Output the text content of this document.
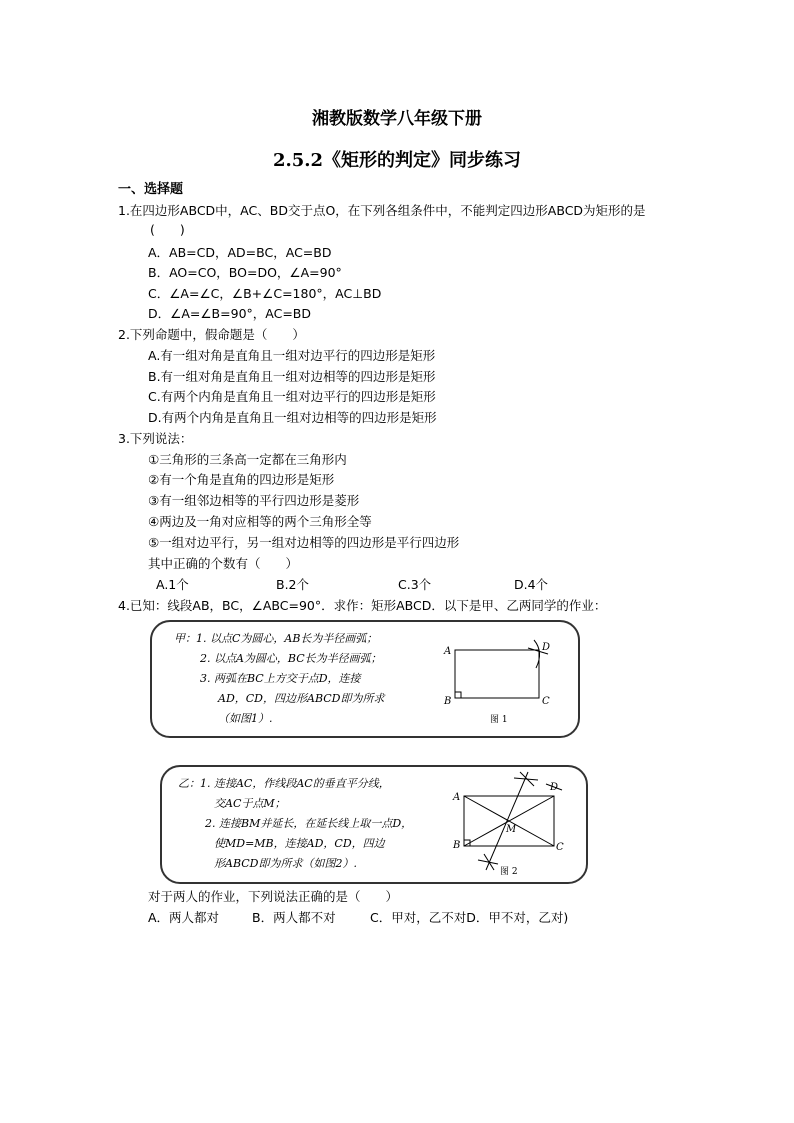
湘教版数学八年级下册
2.5.2《矩形的判定》同步练习
一、选择题
1.在四边形ABCD中，AC、BD交于点O，在下列各组条件中，不能判定四边形ABCD为矩形的是
(　　)
A．AB=CD，AD=BC，AC=BD
B．AO=CO，BO=DO，∠A=90°
C．∠A=∠C，∠B+∠C=180°，AC⊥BD
D．∠A=∠B=90°，AC=BD
2.下列命题中，假命题是（　　）
A.有一组对角是直角且一组对边平行的四边形是矩形
B.有一组对角是直角且一组对边相等的四边形是矩形
C.有两个内角是直角且一组对边平行的四边形是矩形
D.有两个内角是直角且一组对边相等的四边形是矩形
3.下列说法：
①三角形的三条高一定都在三角形内
②有一个角是直角的四边形是矩形
③有一组邻边相等的平行四边形是菱形
④两边及一角对应相等的两个三角形全等
⑤一组对边平行，另一组对边相等的四边形是平行四边形
其中正确的个数有（　　）
A.1个	B.2个	C.3个	D.4个
4.已知：线段AB，BC，∠ABC=90°．求作：矩形ABCD．以下是甲、乙两同学的作业：
甲：1. 以点C为圆心，AB长为半径画弧；
2. 以点A为圆心，BC长为半径画弧；
3. 两弧在BC上方交于点D，连接
AD，CD，四边形ABCD即为所求
（如图1）.
A
B	C
D
图 1
乙：1. 连接AC，作线段AC的垂直平分线，
交AC于点M；
2. 连接BM并延长，在延长线上取一点D，
使MD=MB，连接AD，CD，四边
形ABCD即为所求（如图2）.
A
B	C
D
M
图 2
对于两人的作业，下列说法正确的是（　　）
A．两人都对	B．两人都不对	C．甲对，乙不对D．甲不对，乙对)
